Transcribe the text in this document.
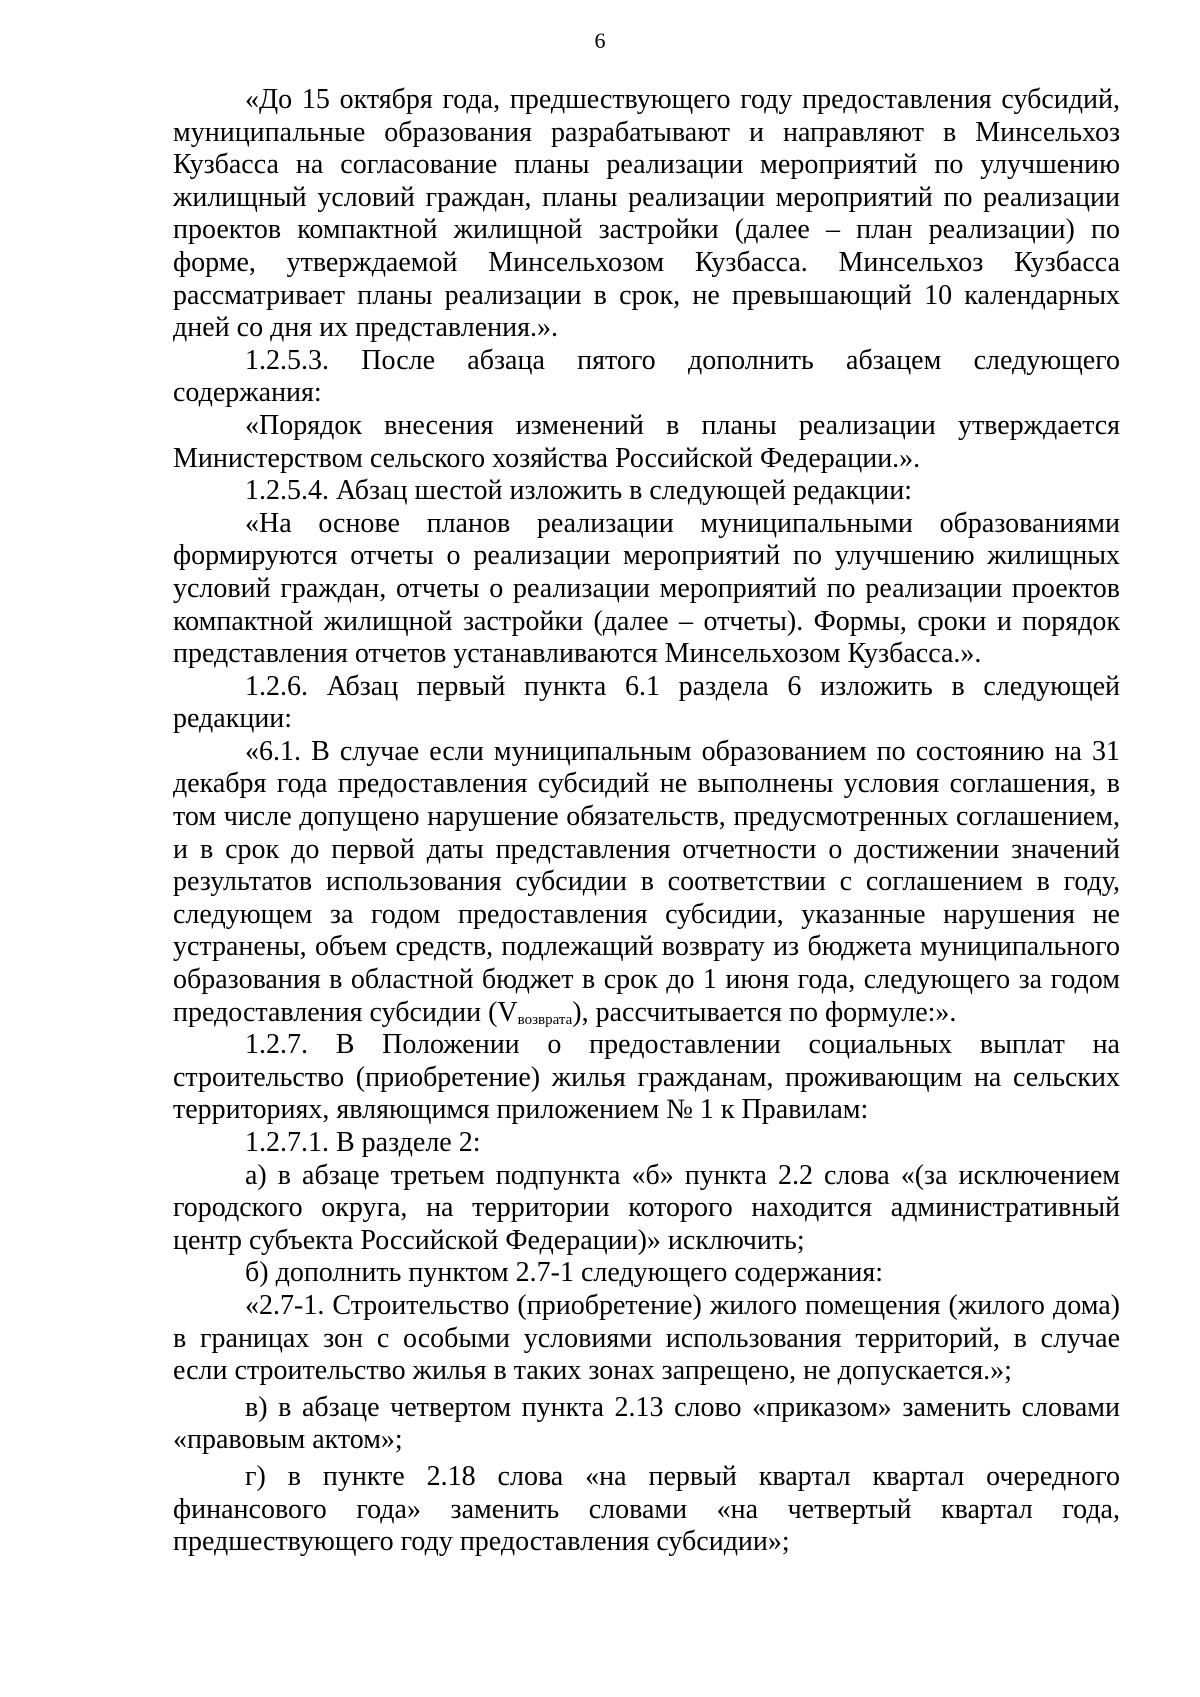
6

«До 15 октября года, предшествующего году предоставления субсидий, муниципальные образования разрабатывают и направляют в Минсельхоз Кузбасса на согласование планы реализации мероприятий по улучшению жилищный условий граждан, планы реализации мероприятий по реализации проектов компактной жилищной застройки (далее – план реализации) по форме, утверждаемой Минсельхозом Кузбасса. Минсельхоз Кузбасса рассматривает планы реализации в срок, не превышающий 10 календарных дней со дня их представления.».

1.2.5.3. После абзаца пятого дополнить абзацем следующего содержания:

«Порядок внесения изменений в планы реализации утверждается Министерством сельского хозяйства Российской Федерации.».

1.2.5.4. Абзац шестой изложить в следующей редакции:

«На основе планов реализации муниципальными образованиями формируются отчеты о реализации мероприятий по улучшению жилищных условий граждан, отчеты о реализации мероприятий по реализации проектов компактной жилищной застройки (далее – отчеты). Формы, сроки и порядок представления отчетов устанавливаются Минсельхозом Кузбасса.».

1.2.6. Абзац первый пункта 6.1 раздела 6 изложить в следующей редакции:

«6.1. В случае если муниципальным образованием по состоянию на 31 декабря года предоставления субсидий не выполнены условия соглашения, в том числе допущено нарушение обязательств, предусмотренных соглашением, и в срок до первой даты представления отчетности о достижении значений результатов использования субсидии в соответствии с соглашением в году, следующем за годом предоставления субсидии, указанные нарушения не устранены, объем средств, подлежащий возврату из бюджета муниципального образования в областной бюджет в срок до 1 июня года, следующего за годом предоставления субсидии $(V_{возврата})$, рассчитывается по формуле:».

1.2.7. В Положении о предоставлении социальных выплат на строительство (приобретение) жилья гражданам, проживающим на сельских территориях, являющимся приложением № 1 к Правилам:

1.2.7.1. В разделе 2:

а) в абзаце третьем подпункта «б» пункта 2.2 слова «(за исключением городского округа, на территории которого находится административный центр субъекта Российской Федерации)» исключить;

б) дополнить пунктом 2.7-1 следующего содержания:

«2.7-1. Строительство (приобретение) жилого помещения (жилого дома) в границах зон с особыми условиями использования территорий, в случае если строительство жилья в таких зонах запрещено, не допускается.»;

в) в абзаце четвертом пункта 2.13 слово «приказом» заменить словами «правовым актом»;

г) в пункте 2.18 слова «на первый квартал квартал очередного финансового года» заменить словами «на четвертый квартал года, предшествующего году предоставления субсидии»;
